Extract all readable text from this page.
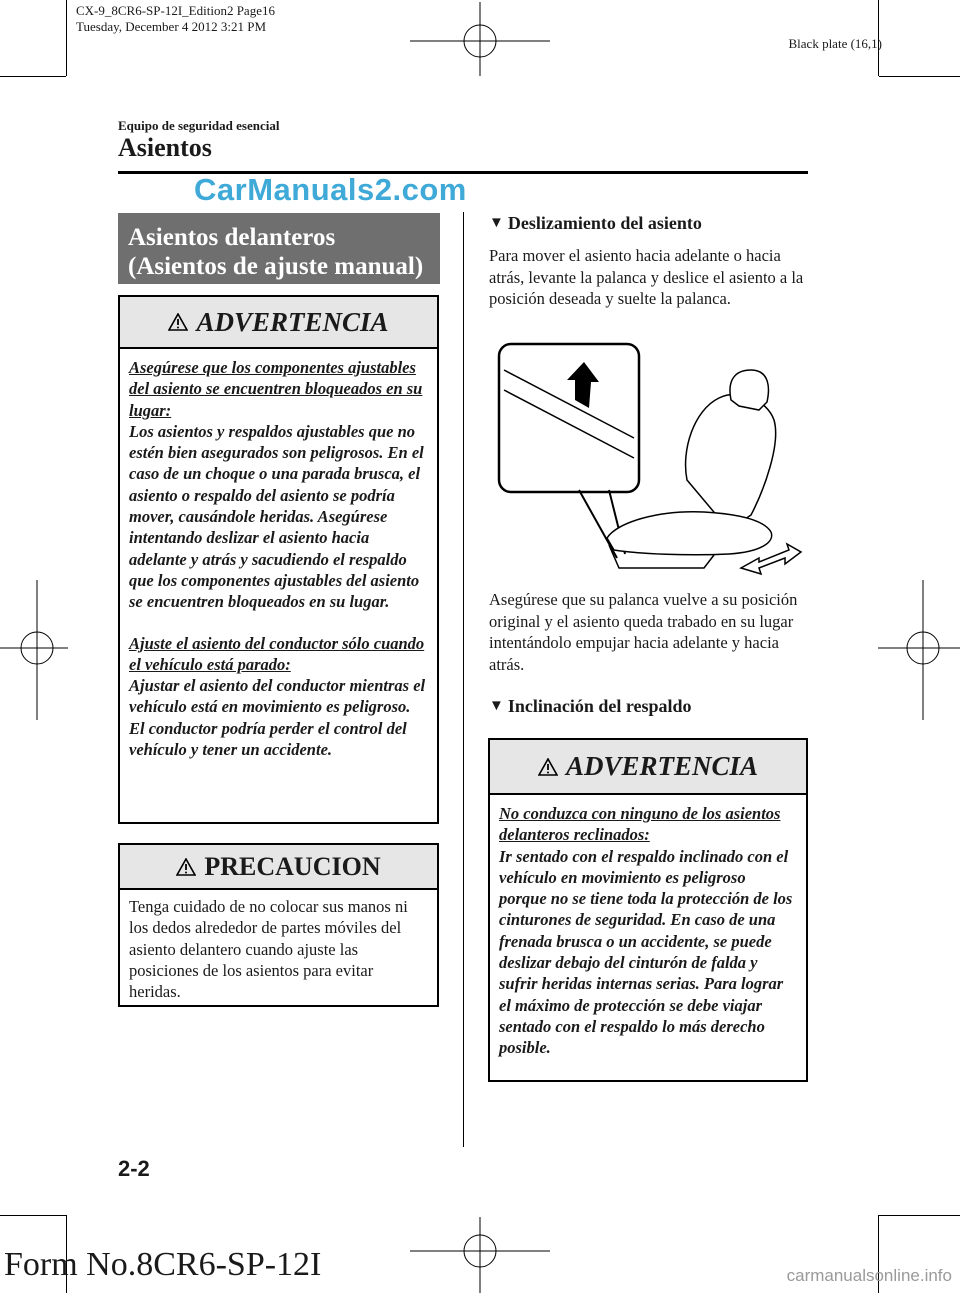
CX-9_8CR6-SP-12I_Edition2 Page16
Tuesday, December 4 2012 3:21 PM
Black plate (16,1)
Equipo de seguridad esencial
Asientos
CarManuals2.com
Asientos delanteros
(Asientos de ajuste manual)
ADVERTENCIA
Asegúrese que los componentes ajustables del asiento se encuentren bloqueados en su lugar:
Los asientos y respaldos ajustables que no estén bien asegurados son peligrosos. En el caso de un choque o una parada brusca, el asiento o respaldo del asiento se podría mover, causándole heridas. Asegúrese intentando deslizar el asiento hacia adelante y atrás y sacudiendo el respaldo que los componentes ajustables del asiento se encuentren bloqueados en su lugar.
Ajuste el asiento del conductor sólo cuando el vehículo está parado:
Ajustar el asiento del conductor mientras el vehículo está en movimiento es peligroso. El conductor podría perder el control del vehículo y tener un accidente.
PRECAUCION
Tenga cuidado de no colocar sus manos ni los dedos alrededor de partes móviles del asiento delantero cuando ajuste las posiciones de los asientos para evitar heridas.
▼ Deslizamiento del asiento
Para mover el asiento hacia adelante o hacia atrás, levante la palanca y deslice el asiento a la posición deseada y suelte la palanca.
Asegúrese que su palanca vuelve a su posición original y el asiento queda trabado en su lugar intentándolo empujar hacia adelante y hacia atrás.
▼ Inclinación del respaldo
ADVERTENCIA
No conduzca con ninguno de los asientos delanteros reclinados:
Ir sentado con el respaldo inclinado con el vehículo en movimiento es peligroso porque no se tiene toda la protección de los cinturones de seguridad. En caso de una frenada brusca o un accidente, se puede deslizar debajo del cinturón de falda y sufrir heridas internas serias. Para lograr el máximo de protección se debe viajar sentado con el respaldo lo más derecho posible.
2-2
Form No.8CR6-SP-12I	carmanualsonline.info
